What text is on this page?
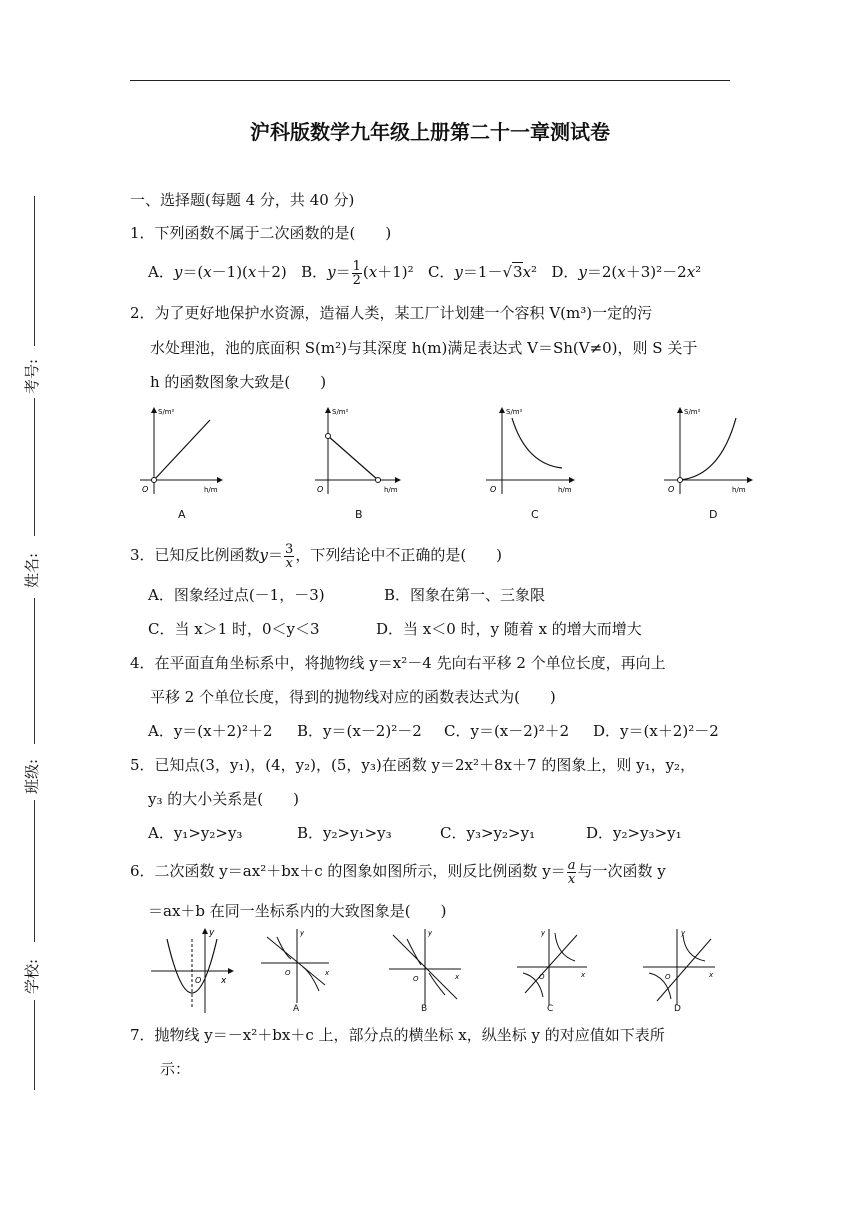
沪科版数学九年级上册第二十一章测试卷
考号:
姓名:
班级:
学校:
一、选择题(每题 4 分，共 40 分)
1．下列函数不属于二次函数的是(　　)
A．y＝(x－1)(x＋2)   B．$y= \frac{1}{2} (x+1)^2$   C．y＝1－√3x²   D．y＝2(x＋3)²－2x²
2．为了更好地保护水资源，造福人类，某工厂计划建一个容积 V(m³)一定的污
水处理池，池的底面积 S(m²)与其深度 h(m)满足表达式 V＝Sh(V≠0)，则 S 关于
h 的函数图象大致是(　　)
S/m²
h/m
O
S/m²
h/m
O
S/m²
h/m
O
S/m²
h/m
O
A	B	C	D
3．已知反比例函数$y= \frac{3}{x}$ ，下列结论中不正确的是(　　)
A．图象经过点(－1，－3)	B．图象在第一、三象限
C．当 x＞1 时，0＜y＜3	D．当 x＜0 时，y 随着 x 的增大而增大
4．在平面直角坐标系中，将抛物线 y＝x²－4 先向右平移 2 个单位长度，再向上
平移 2 个单位长度，得到的抛物线对应的函数表达式为(　　)
A．y＝(x＋2)²＋2 B．y＝(x－2)²－2 C．y＝(x－2)²＋2 D．y＝(x＋2)²－2
5．已知点(3，y₁)，(4，y₂)，(5，y₃)在函数 y＝2x²＋8x＋7 的图象上，则 y₁，y₂，
y₃ 的大小关系是(　　)
A．y₁>y₂>y₃	B．y₂>y₁>y₃	C．y₃>y₂>y₁	D．y₂>y₃>y₁
6．二次函数 y＝ax²＋bx＋c 的图象如图所示，则反比例函数 $y= \frac{a}{x}$ 与一次函数 y
＝ax＋b 在同一坐标系内的大致图象是(　　)
x
y
O
x
y
O	x
y
O	x
y
O	x
y
O
A	B	C	D
7．抛物线 y＝－x²＋bx＋c 上，部分点的横坐标 x，纵坐标 y 的对应值如下表所
示：
